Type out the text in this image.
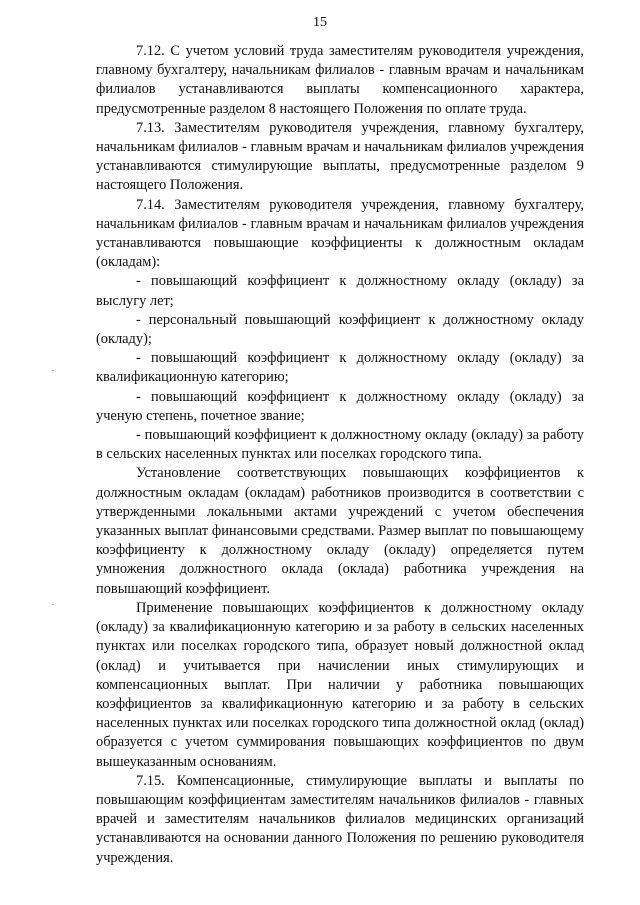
15

7.12. С учетом условий труда заместителям руководителя учреждения, главному бухгалтеру, начальникам филиалов - главным врачам и начальникам филиалов устанавливаются выплаты компенсационного характера, предусмотренные разделом 8 настоящего Положения по оплате труда.

7.13. Заместителям руководителя учреждения, главному бухгалтеру, начальникам филиалов - главным врачам и начальникам филиалов учреждения устанавливаются стимулирующие выплаты, предусмотренные разделом 9 настоящего Положения.

7.14. Заместителям руководителя учреждения, главному бухгалтеру, начальникам филиалов - главным врачам и начальникам филиалов учреждения устанавливаются повышающие коэффициенты к должностным окладам (окладам):

- повышающий коэффициент к должностному окладу (окладу) за выслугу лет;

- персональный повышающий коэффициент к должностному окладу (окладу);

- повышающий коэффициент к должностному окладу (окладу) за квалификационную категорию;

- повышающий коэффициент к должностному окладу (окладу) за ученую степень, почетное звание;

- повышающий коэффициент к должностному окладу (окладу) за работу в сельских населенных пунктах или поселках городского типа.

Установление соответствующих повышающих коэффициентов к должностным окладам (окладам) работников производится в соответствии с утвержденными локальными актами учреждений с учетом обеспечения указанных выплат финансовыми средствами. Размер выплат по повышающему коэффициенту к должностному окладу (окладу) определяется путем умножения должностного оклада (оклада) работника учреждения на повышающий коэффициент.

Применение повышающих коэффициентов к должностному окладу (окладу) за квалификационную категорию и за работу в сельских населенных пунктах или поселках городского типа, образует новый должностной оклад (оклад) и учитывается при начислении иных стимулирующих и компенсационных выплат. При наличии у работника повышающих коэффициентов за квалификационную категорию и за работу в сельских населенных пунктах или поселках городского типа должностной оклад (оклад) образуется с учетом суммирования повышающих коэффициентов по двум вышеуказанным основаниям.

7.15. Компенсационные, стимулирующие выплаты и выплаты по повышающим коэффициентам заместителям начальников филиалов - главных врачей и заместителям начальников филиалов медицинских организаций устанавливаются на основании данного Положения по решению руководителя учреждения.
